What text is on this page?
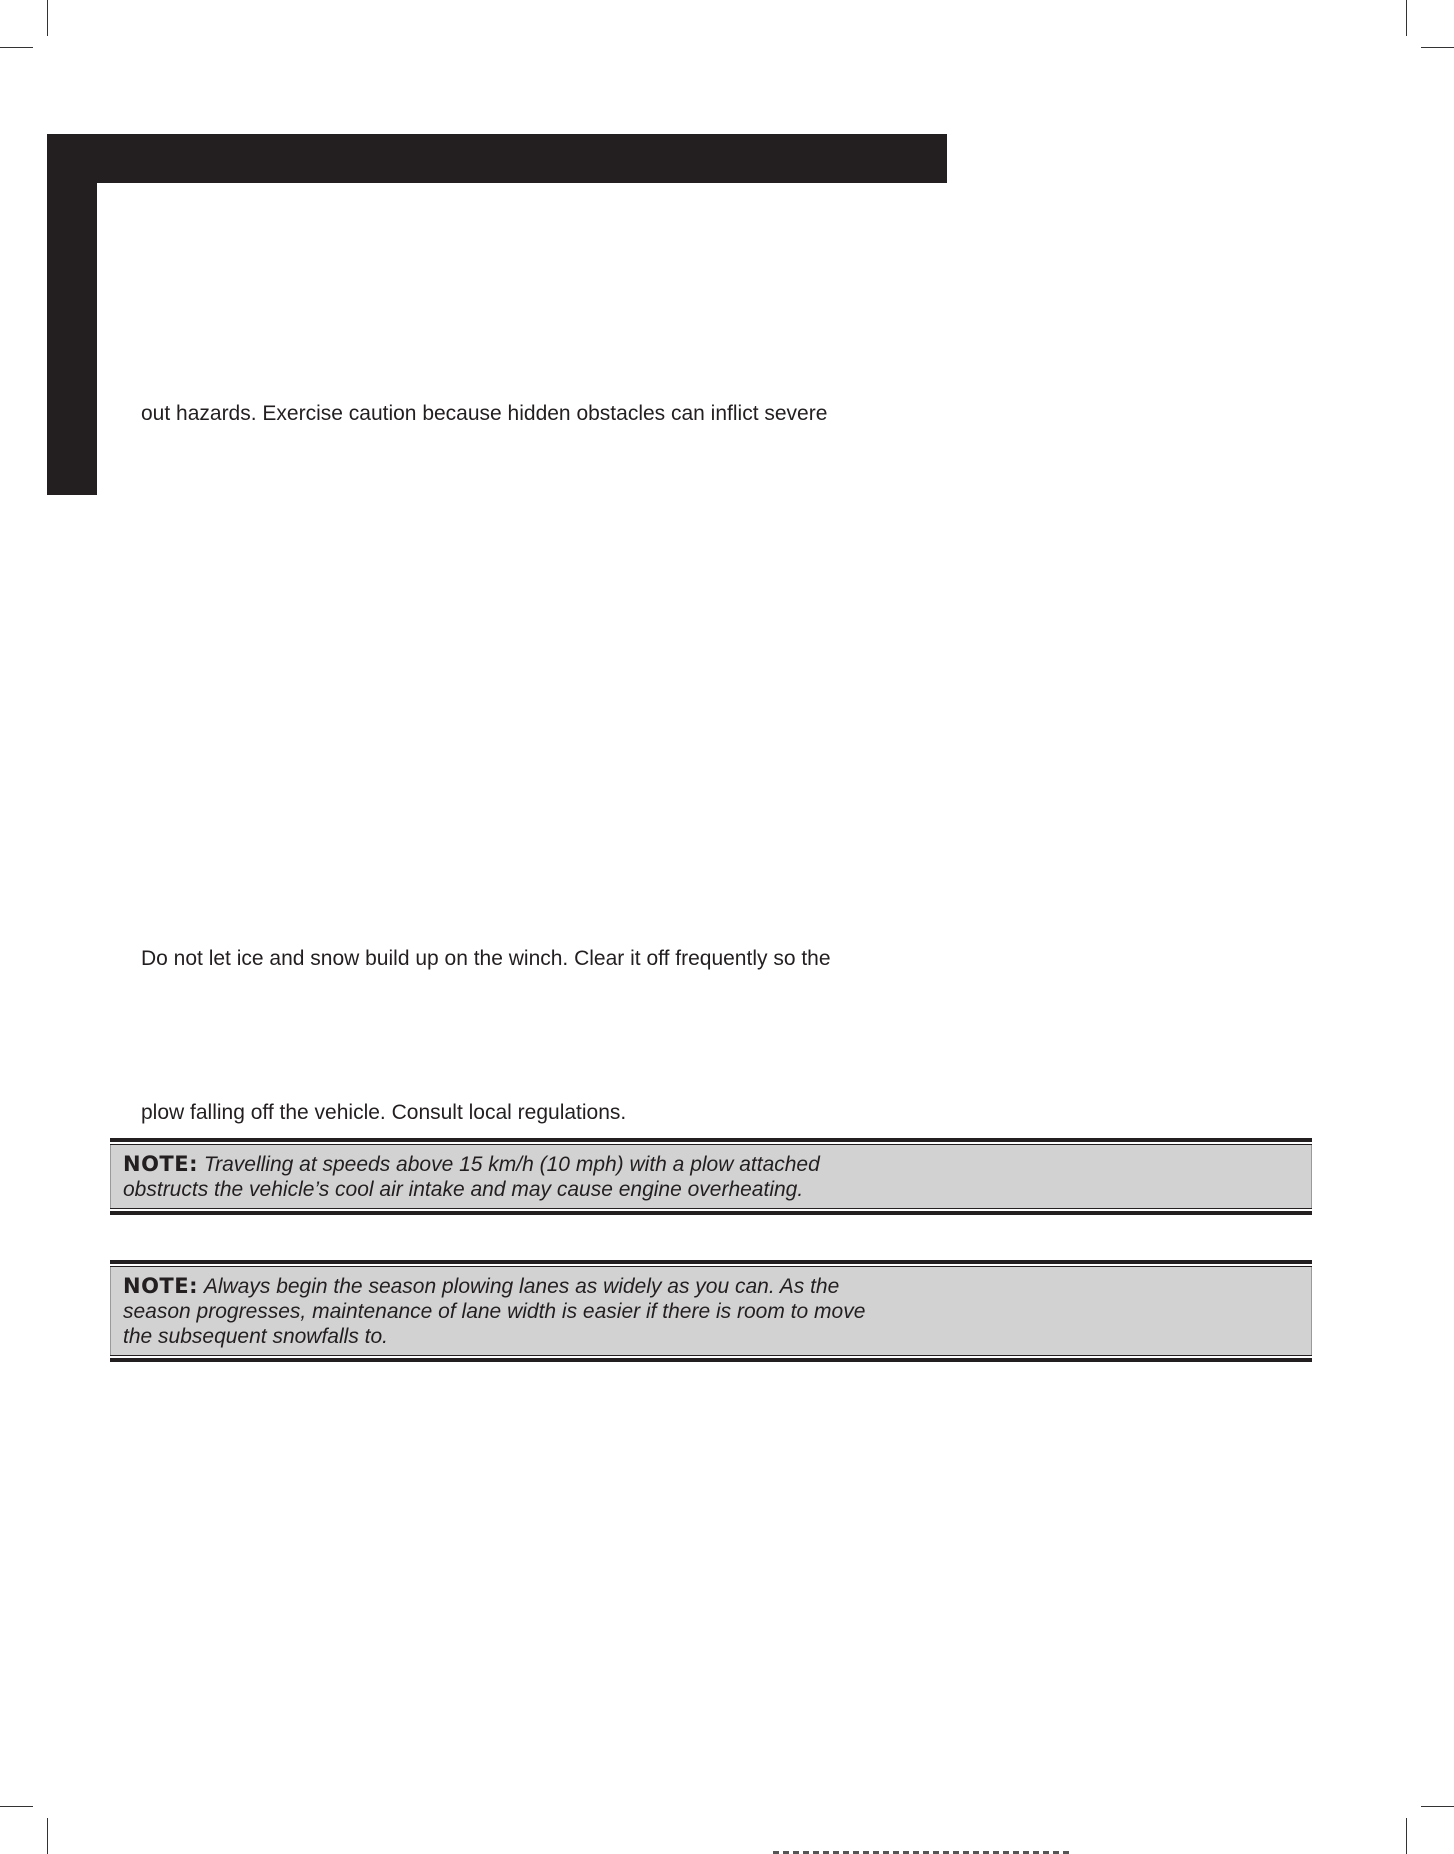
out hazards. Exercise caution because hidden obstacles can inflict severe

Do not let ice and snow build up on the winch. Clear it off frequently so the

plow falling off the vehicle. Consult local regulations.

NOTE: Travelling at speeds above 15 km/h (10 mph) with a plow attached
obstructs the vehicle’s cool air intake and may cause engine overheating.
NOTE: Always begin the season plowing lanes as widely as you can. As the
season progresses, maintenance of lane width is easier if there is room to move
the subsequent snowfalls to.
